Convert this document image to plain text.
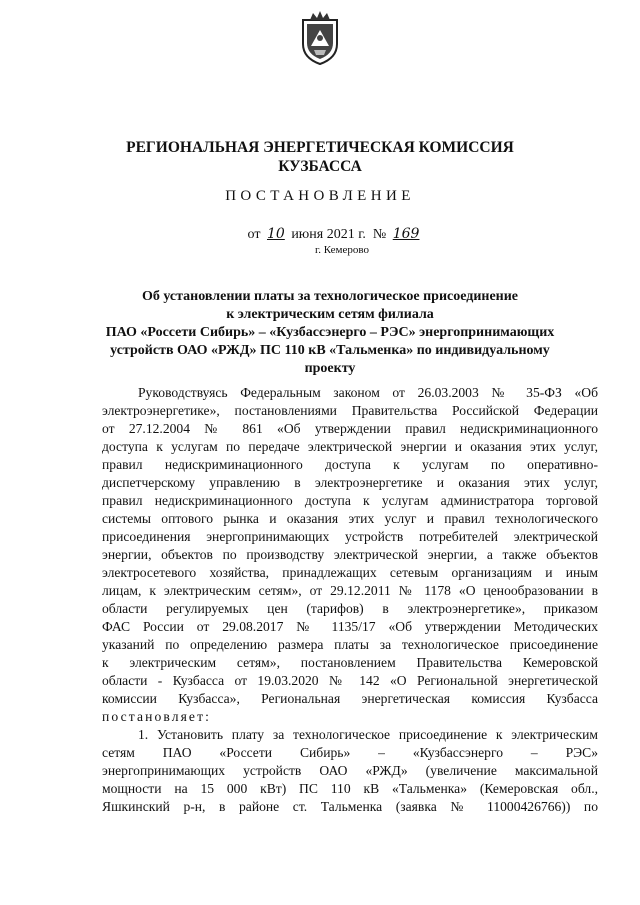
РЕГИОНАЛЬНАЯ ЭНЕРГЕТИЧЕСКАЯ КОМИССИЯ
КУЗБАССА
ПОСТАНОВЛЕНИЕ
от 10 июня 2021 г. № 169
г. Кемерово
Об установлении платы за технологическое присоединение
к электрическим сетям филиала
ПАО «Россети Сибирь» – «Кузбассэнерго – РЭС» энергопринимающих
устройств ОАО «РЖД» ПС 110 кВ «Тальменка» по индивидуальному
проекту
Руководствуясь Федеральным законом от 26.03.2003 № 35-ФЗ «Об
электроэнергетике», постановлениями Правительства Российской Федерации
от 27.12.2004 № 861 «Об утверждении правил недискриминационного
доступа к услугам по передаче электрической энергии и оказания этих услуг,
правил недискриминационного доступа к услугам по оперативно-
диспетчерскому управлению в электроэнергетике и оказания этих услуг,
правил недискриминационного доступа к услугам администратора торговой
системы оптового рынка и оказания этих услуг и правил технологического
присоединения энергопринимающих устройств потребителей электрической
энергии, объектов по производству электрической энергии, а также объектов
электросетевого хозяйства, принадлежащих сетевым организациям и иным
лицам, к электрическим сетям», от 29.12.2011 № 1178 «О ценообразовании в
области регулируемых цен (тарифов) в электроэнергетике», приказом
ФАС России от 29.08.2017 № 1135/17 «Об утверждении Методических
указаний по определению размера платы за технологическое присоединение
к электрическим сетям», постановлением Правительства Кемеровской
области - Кузбасса от 19.03.2020 № 142 «О Региональной энергетической
комиссии Кузбасса», Региональная энергетическая комиссия Кузбасса
постановляет:
1. Установить плату за технологическое присоединение к электрическим
сетям ПАО «Россети Сибирь» – «Кузбассэнерго – РЭС»
энергопринимающих устройств ОАО «РЖД» (увеличение максимальной
мощности на 15 000 кВт) ПС 110 кВ «Тальменка» (Кемеровская обл.,
Яшкинский р-н, в районе ст. Тальменка (заявка № 11000426766)) по
